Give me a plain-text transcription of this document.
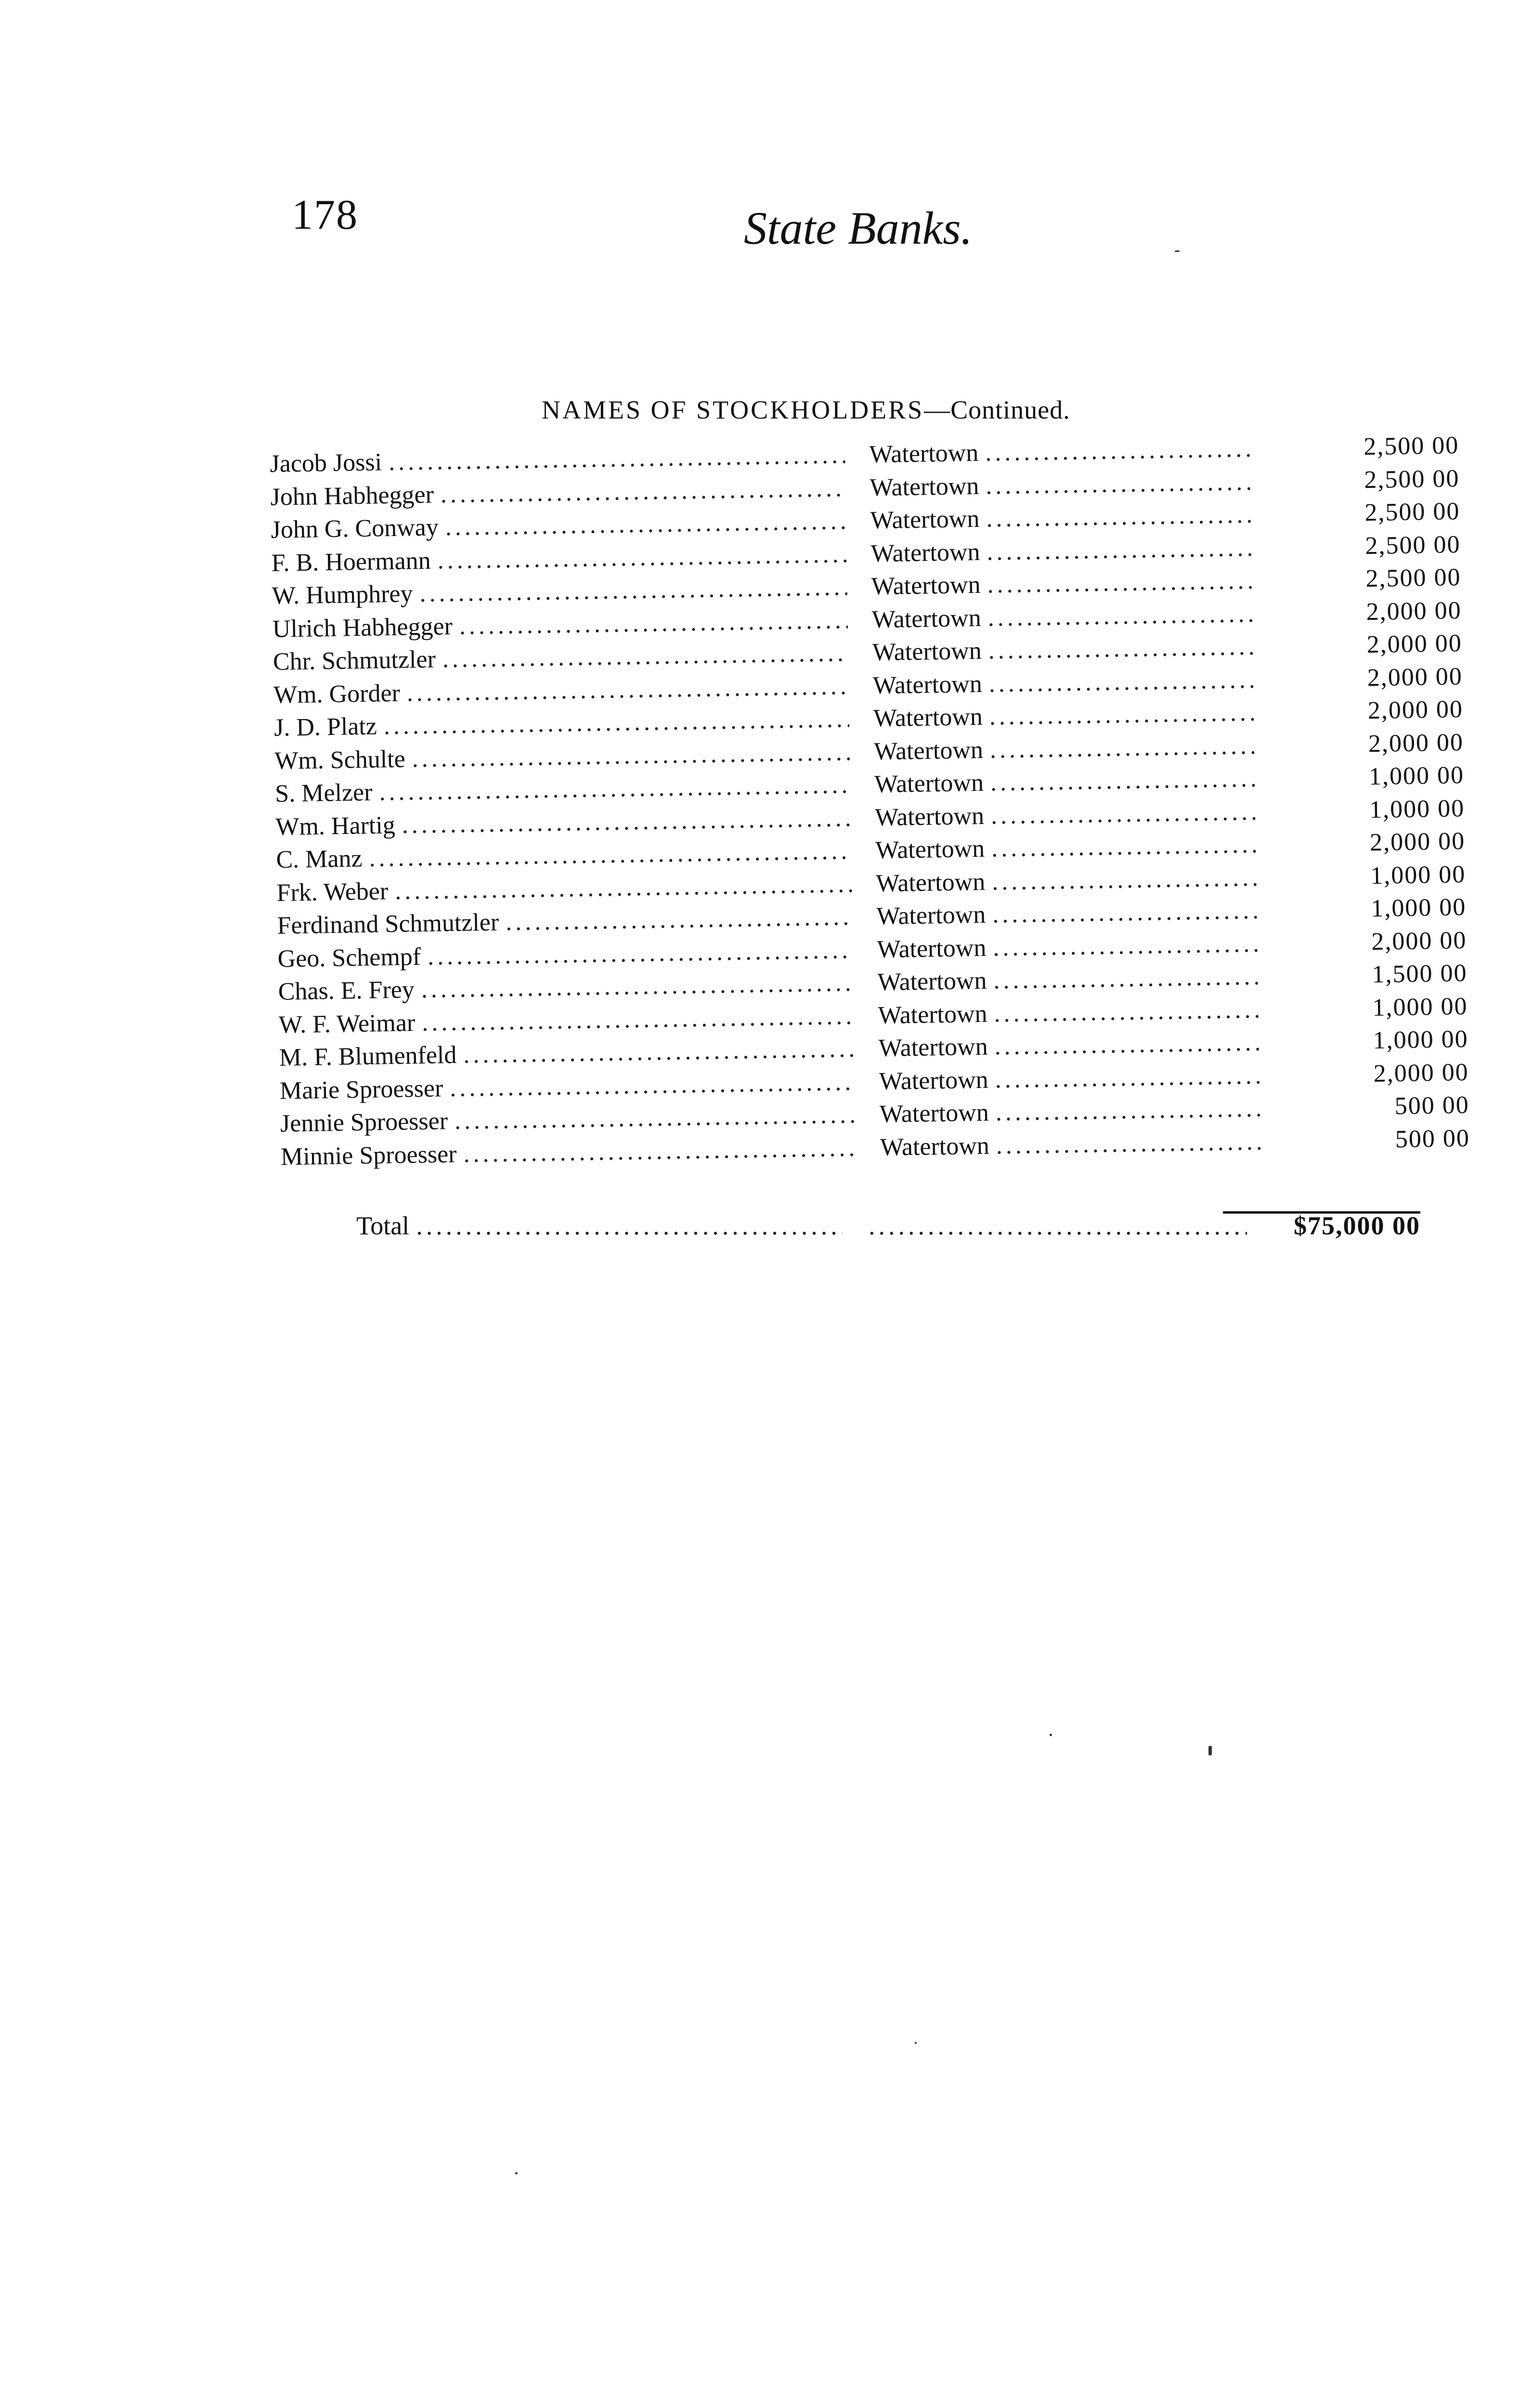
178	State Banks.
NAMES OF STOCKHOLDERS—Continued.
Jacob Jossi .....	Watertown .....	2,500 00
John Habhegger .....	Watertown .....	2,500 00
John G. Conway .....	Watertown .....	2,500 00
F. B. Hoermann .....	Watertown .....	2,500 00
W. Humphrey .....	Watertown .....	2,500 00
Ulrich Habhegger .....	Watertown .....	2,000 00
Chr. Schmutzler .....	Watertown .....	2,000 00
Wm. Gorder .....	Watertown .....	2,000 00
J. D. Platz .....	Watertown .....	2,000 00
Wm. Schulte .....	Watertown .....	2,000 00
S. Melzer .....	Watertown .....	1,000 00
Wm. Hartig .....	Watertown .....	1,000 00
C. Manz .....	Watertown .....	2,000 00
Frk. Weber .....	Watertown .....	1,000 00
Ferdinand Schmutzler .....	Watertown .....	1,000 00
Geo. Schempf .....	Watertown .....	2,000 00
Chas. E. Frey .....	Watertown .....	1,500 00
W. F. Weimar .....	Watertown .....	1,000 00
M. F. Blumenfeld .....	Watertown .....	1,000 00
Marie Sproesser .....	Watertown .....	2,000 00
Jennie Sproesser .....	Watertown .....	500 00
Minnie Sproesser .....	Watertown .....	500 00
Total ..... .....	$75,000 00
